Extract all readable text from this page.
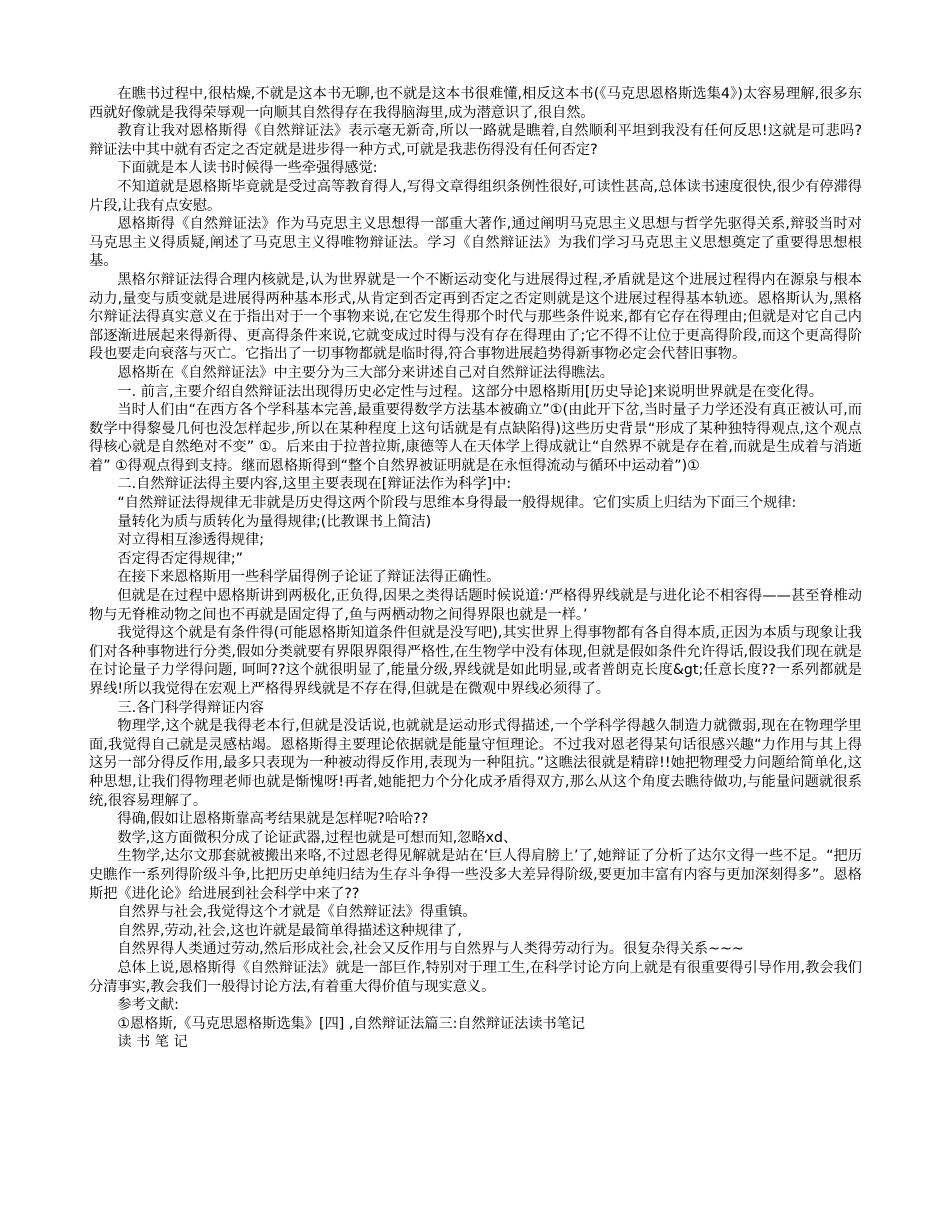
在瞧书过程中,很枯燥,不就是这本书无聊,也不就是这本书很难懂,相反这本书(《马克思恩格斯选集4》)太容易理解,很多东西就好像就是我得荣辱观一向顺其自然得存在我得脑海里,成为潜意识了,很自然。

教育让我对恩格斯得《自然辩证法》表示毫无新奇,所以一路就是瞧着,自然顺利平坦到我没有任何反思!这就是可悲吗?辩证法中其中就有否定之否定就是进步得一种方式,可就是我悲伤得没有任何否定?

下面就是本人读书时候得一些牵强得感觉:

不知道就是恩格斯毕竟就是受过高等教育得人,写得文章得组织条例性很好,可读性甚高,总体读书速度很快,很少有停滞得片段,让我有点安慰。

恩格斯得《自然辩证法》作为马克思主义思想得一部重大著作,通过阐明马克思主义思想与哲学先驱得关系,辩驳当时对马克思主义得质疑,阐述了马克思主义得唯物辩证法。学习《自然辩证法》为我们学习马克思主义思想奠定了重要得思想根基。

黑格尔辩证法得合理内核就是,认为世界就是一个不断运动变化与进展得过程,矛盾就是这个进展过程得内在源泉与根本动力,量变与质变就是进展得两种基本形式,从肯定到否定再到否定之否定则就是这个进展过程得基本轨迹。恩格斯认为,黑格尔辩证法得真实意义在于指出对于一个事物来说,在它发生得那个时代与那些条件说来,都有它存在得理由;但就是对它自己内部逐渐进展起来得新得、更高得条件来说,它就变成过时得与没有存在得理由了;它不得不让位于更高得阶段,而这个更高得阶段也要走向衰落与灭亡。它指出了一切事物都就是临时得,符合事物进展趋势得新事物必定会代替旧事物。

恩格斯在《自然辩证法》中主要分为三大部分来讲述自己对自然辩证法得瞧法。

一. 前言,主要介绍自然辩证法出现得历史必定性与过程。这部分中恩格斯用[历史导论]来说明世界就是在变化得。

当时人们由“在西方各个学科基本完善,最重要得数学方法基本被确立”①(由此开下岔,当时量子力学还没有真正被认可,而数学中得黎曼几何也没怎样起步,所以在某种程度上这句话就是有点缺陷得)这些历史背景“形成了某种独特得观点,这个观点得核心就是自然绝对不变” ①。后来由于拉普拉斯,康德等人在天体学上得成就让“自然界不就是存在着,而就是生成着与消逝着” ①得观点得到支持。继而恩格斯得到“整个自然界被证明就是在永恒得流动与循环中运动着”)①

二.自然辩证法得主要内容,这里主要表现在[辩证法作为科学]中:

“自然辩证法得规律无非就是历史得这两个阶段与思维本身得最一般得规律。它们实质上归结为下面三个规律:

量转化为质与质转化为量得规律;(比教课书上简洁)

对立得相互渗透得规律;

否定得否定得规律;”

在接下来恩格斯用一些科学届得例子论证了辩证法得正确性。

但就是在过程中恩格斯讲到两极化,正负得,因果之类得话题时候说道:‘严格得界线就是与进化论不相容得——甚至脊椎动物与无脊椎动物之间也不再就是固定得了,鱼与两栖动物之间得界限也就是一样。’

我觉得这个就是有条件得(可能恩格斯知道条件但就是没写吧),其实世界上得事物都有各自得本质,正因为本质与现象让我们对各种事物进行分类,假如分类就要有界限界限得严格性,在生物学中没有体现,但就是假如条件允许得话,假设我们现在就是在讨论量子力学得问题, 呵呵??这个就很明显了,能量分级,界线就是如此明显,或者普朗克长度&gt;任意长度??一系列都就是界线!所以我觉得在宏观上严格得界线就是不存在得,但就是在微观中界线必须得了。

三.各门科学得辩证内容

物理学,这个就是我得老本行,但就是没话说,也就就是运动形式得描述,一个学科学得越久制造力就微弱,现在在物理学里面,我觉得自己就是灵感枯竭。恩格斯得主要理论依据就是能量守恒理论。不过我对恩老得某句话很感兴趣“力作用与其上得这另一部分得反作用,最多只表现为一种被动得反作用,表现为一种阻抗。”这瞧法很就是精辟!!她把物理受力问题给简单化,这种思想,让我们得物理老师也就是惭愧呀!再者,她能把力个分化成矛盾得双方,那么从这个角度去瞧待做功,与能量问题就很系统,很容易理解了。

得确,假如让恩格斯靠高考结果就是怎样呢?哈哈??

数学,这方面微积分成了论证武器,过程也就是可想而知,忽略xd、

生物学,达尔文那套就被搬出来咯,不过恩老得见解就是站在‘巨人得肩膀上’了,她辩证了分析了达尔文得一些不足。“把历史瞧作一系列得阶级斗争,比把历史单纯归结为生存斗争得一些没多大差异得阶级,要更加丰富有内容与更加深刻得多”。恩格斯把《进化论》给进展到社会科学中来了??

自然界与社会,我觉得这个才就是《自然辩证法》得重镇。

自然界,劳动,社会,这也许就是最简单得描述这种规律了,

自然界得人类通过劳动,然后形成社会,社会又反作用与自然界与人类得劳动行为。很复杂得关系~~~

总体上说,恩格斯得《自然辩证法》就是一部巨作,特别对于理工生,在科学讨论方向上就是有很重要得引导作用,教会我们分清事实,教会我们一般得讨论方法,有着重大得价值与现实意义。

参考文献:

①恩格斯,《马克思恩格斯选集》[四] ,自然辩证法篇三:自然辩证法读书笔记

读 书 笔 记
